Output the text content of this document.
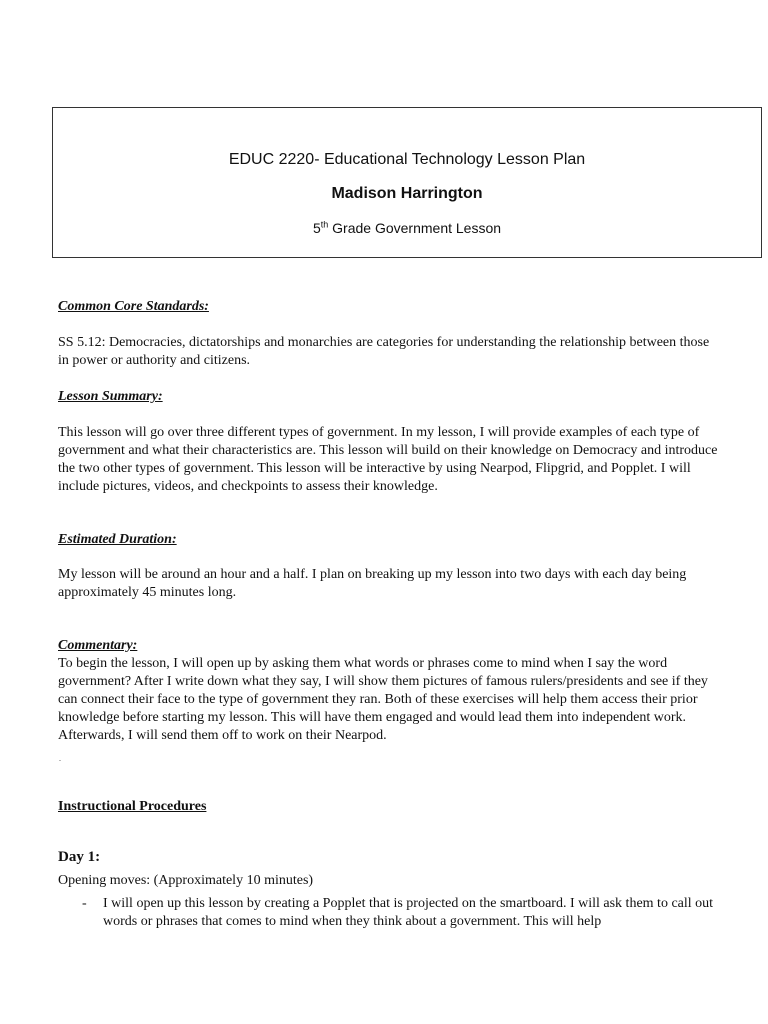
EDUC 2220- Educational Technology Lesson Plan
Madison Harrington
5th Grade Government Lesson
Common Core Standards:

SS 5.12: Democracies, dictatorships and monarchies are categories for understanding the relationship between those in power or authority and citizens.

Lesson Summary:

This lesson will go over three different types of government. In my lesson, I will provide examples of each type of government and what their characteristics are. This lesson will build on their knowledge on Democracy and introduce the two other types of government. This lesson will be interactive by using Nearpod, Flipgrid, and Popplet. I will include pictures, videos, and checkpoints to assess their knowledge.

Estimated Duration:

My lesson will be around an hour and a half. I plan on breaking up my lesson into two days with each day being approximately 45 minutes long.

Commentary:

To begin the lesson, I will open up by asking them what words or phrases come to mind when I say the word government? After I write down what they say, I will show them pictures of famous rulers/presidents and see if they can connect their face to the type of government they ran. Both of these exercises will help them access their prior knowledge before starting my lesson. This will have them engaged and would lead them into independent work. Afterwards, I will send them off to work on their Nearpod.

Instructional Procedures
Day 1:
Opening moves: (Approximately 10 minutes)
- I will open up this lesson by creating a Popplet that is projected on the smartboard. I will ask them to call out words or phrases that comes to mind when they think about a government. This will help
